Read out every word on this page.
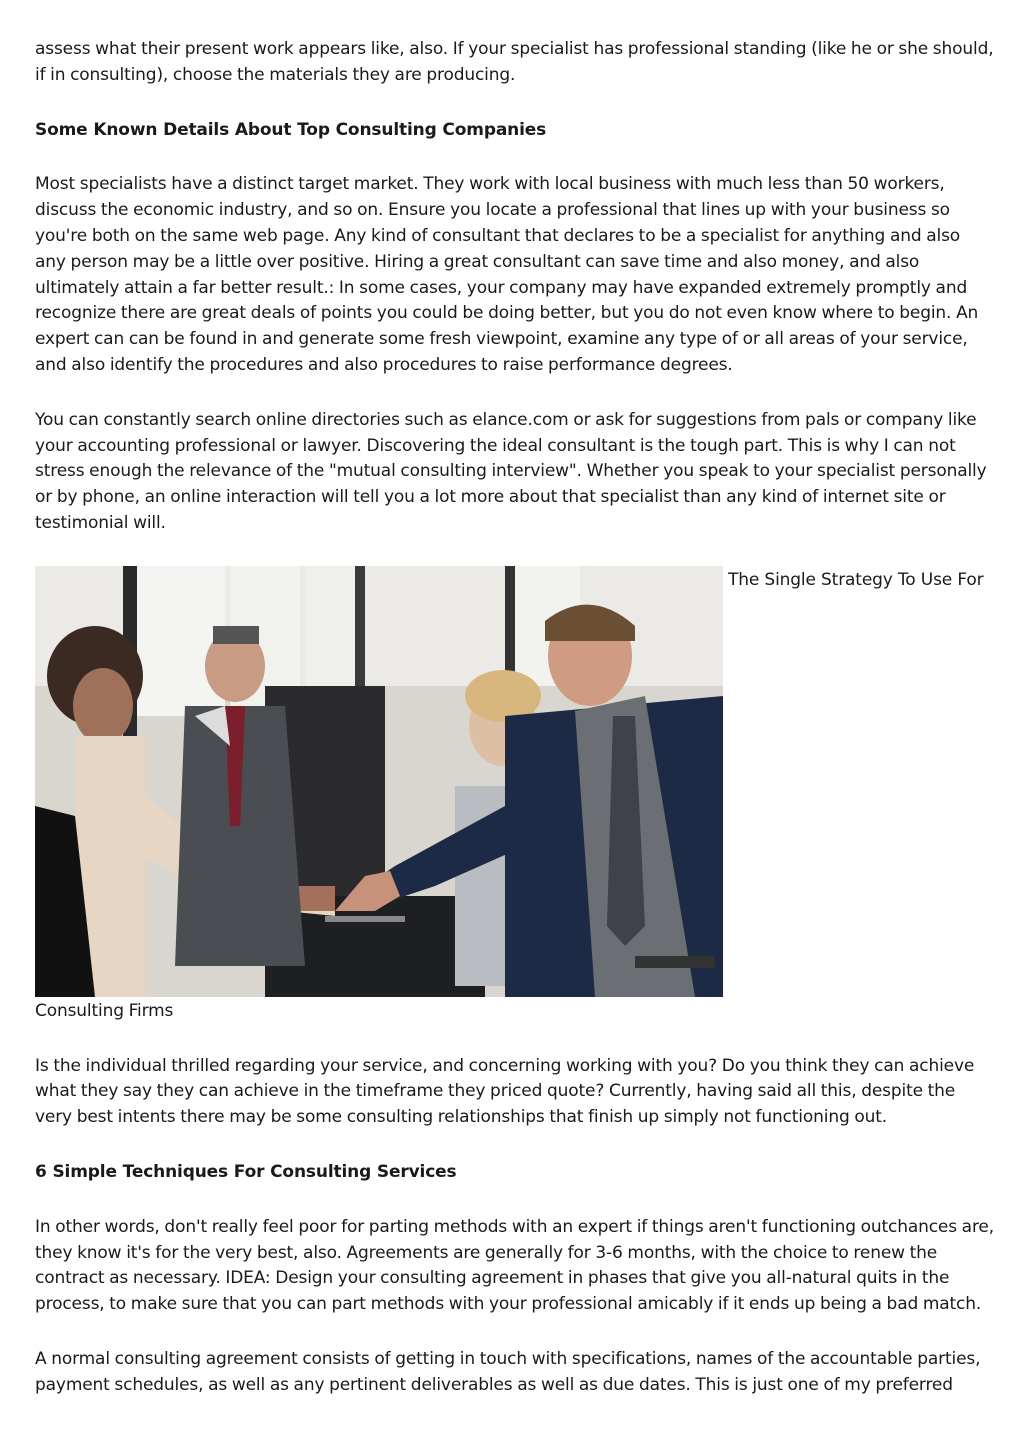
assess what their present work appears like, also. If your specialist has professional standing (like he or she should, if in consulting), choose the materials they are producing.

Some Known Details About Top Consulting Companies

Most specialists have a distinct target market. They work with local business with much less than 50 workers, discuss the economic industry, and so on. Ensure you locate a professional that lines up with your business so you're both on the same web page. Any kind of consultant that declares to be a specialist for anything and also any person may be a little over positive. Hiring a great consultant can save time and also money, and also ultimately attain a far better result.: In some cases, your company may have expanded extremely promptly and recognize there are great deals of points you could be doing better, but you do not even know where to begin. An expert can can be found in and generate some fresh viewpoint, examine any type of or all areas of your service, and also identify the procedures and also procedures to raise performance degrees.

You can constantly search online directories such as elance.com or ask for suggestions from pals or company like your accounting professional or lawyer. Discovering the ideal consultant is the tough part. This is why I can not stress enough the relevance of the "mutual consulting interview". Whether you speak to your specialist personally or by phone, an online interaction will tell you a lot more about that specialist than any kind of internet site or testimonial will.

The Single Strategy To Use For

Consulting Firms

Is the individual thrilled regarding your service, and concerning working with you? Do you think they can achieve what they say they can achieve in the timeframe they priced quote? Currently, having said all this, despite the very best intents there may be some consulting relationships that finish up simply not functioning out.

6 Simple Techniques For Consulting Services

In other words, don't really feel poor for parting methods with an expert if things aren't functioning outchances are, they know it's for the very best, also. Agreements are generally for 3-6 months, with the choice to renew the contract as necessary. IDEA: Design your consulting agreement in phases that give you all-natural quits in the process, to make sure that you can part methods with your professional amicably if it ends up being a bad match.

A normal consulting agreement consists of getting in touch with specifications, names of the accountable parties, payment schedules, as well as any pertinent deliverables as well as due dates. This is just one of my preferred
